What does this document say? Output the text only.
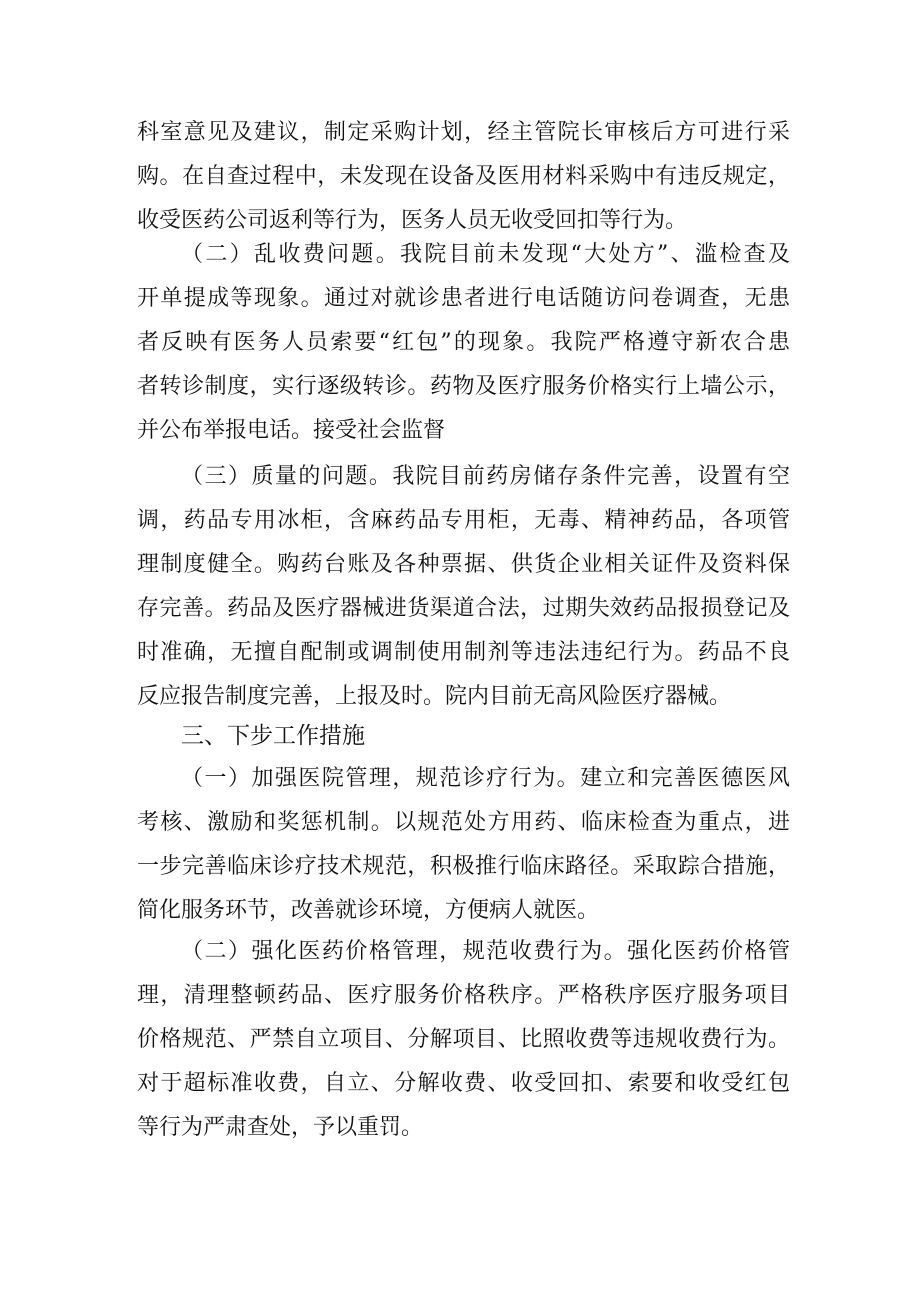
科室意见及建议，制定采购计划，经主管院长审核后方可进行采
购。在自查过程中，未发现在设备及医用材料采购中有违反规定，
收受医药公司返利等行为，医务人员无收受回扣等行为。
（二）乱收费问题。我院目前未发现“大处方”、滥检查及
开单提成等现象。通过对就诊患者进行电话随访问卷调查，无患
者反映有医务人员索要“红包”的现象。我院严格遵守新农合患
者转诊制度，实行逐级转诊。药物及医疗服务价格实行上墙公示，
并公布举报电话。接受社会监督
（三）质量的问题。我院目前药房储存条件完善，设置有空
调，药品专用冰柜，含麻药品专用柜，无毒、精神药品，各项管
理制度健全。购药台账及各种票据、供货企业相关证件及资料保
存完善。药品及医疗器械进货渠道合法，过期失效药品报损登记及
时准确，无擅自配制或调制使用制剂等违法违纪行为。药品不良
反应报告制度完善，上报及时。院内目前无高风险医疗器械。
三、下步工作措施
（一）加强医院管理，规范诊疗行为。建立和完善医德医风
考核、激励和奖惩机制。以规范处方用药、临床检查为重点，进
一步完善临床诊疗技术规范，积极推行临床路径。采取踪合措施，
简化服务环节，改善就诊环境，方便病人就医。
（二）强化医药价格管理，规范收费行为。强化医药价格管
理，清理整顿药品、医疗服务价格秩序。严格秩序医疗服务项目
价格规范、严禁自立项目、分解项目、比照收费等违规收费行为。
对于超标准收费，自立、分解收费、收受回扣、索要和收受红包
等行为严肃查处，予以重罚。
